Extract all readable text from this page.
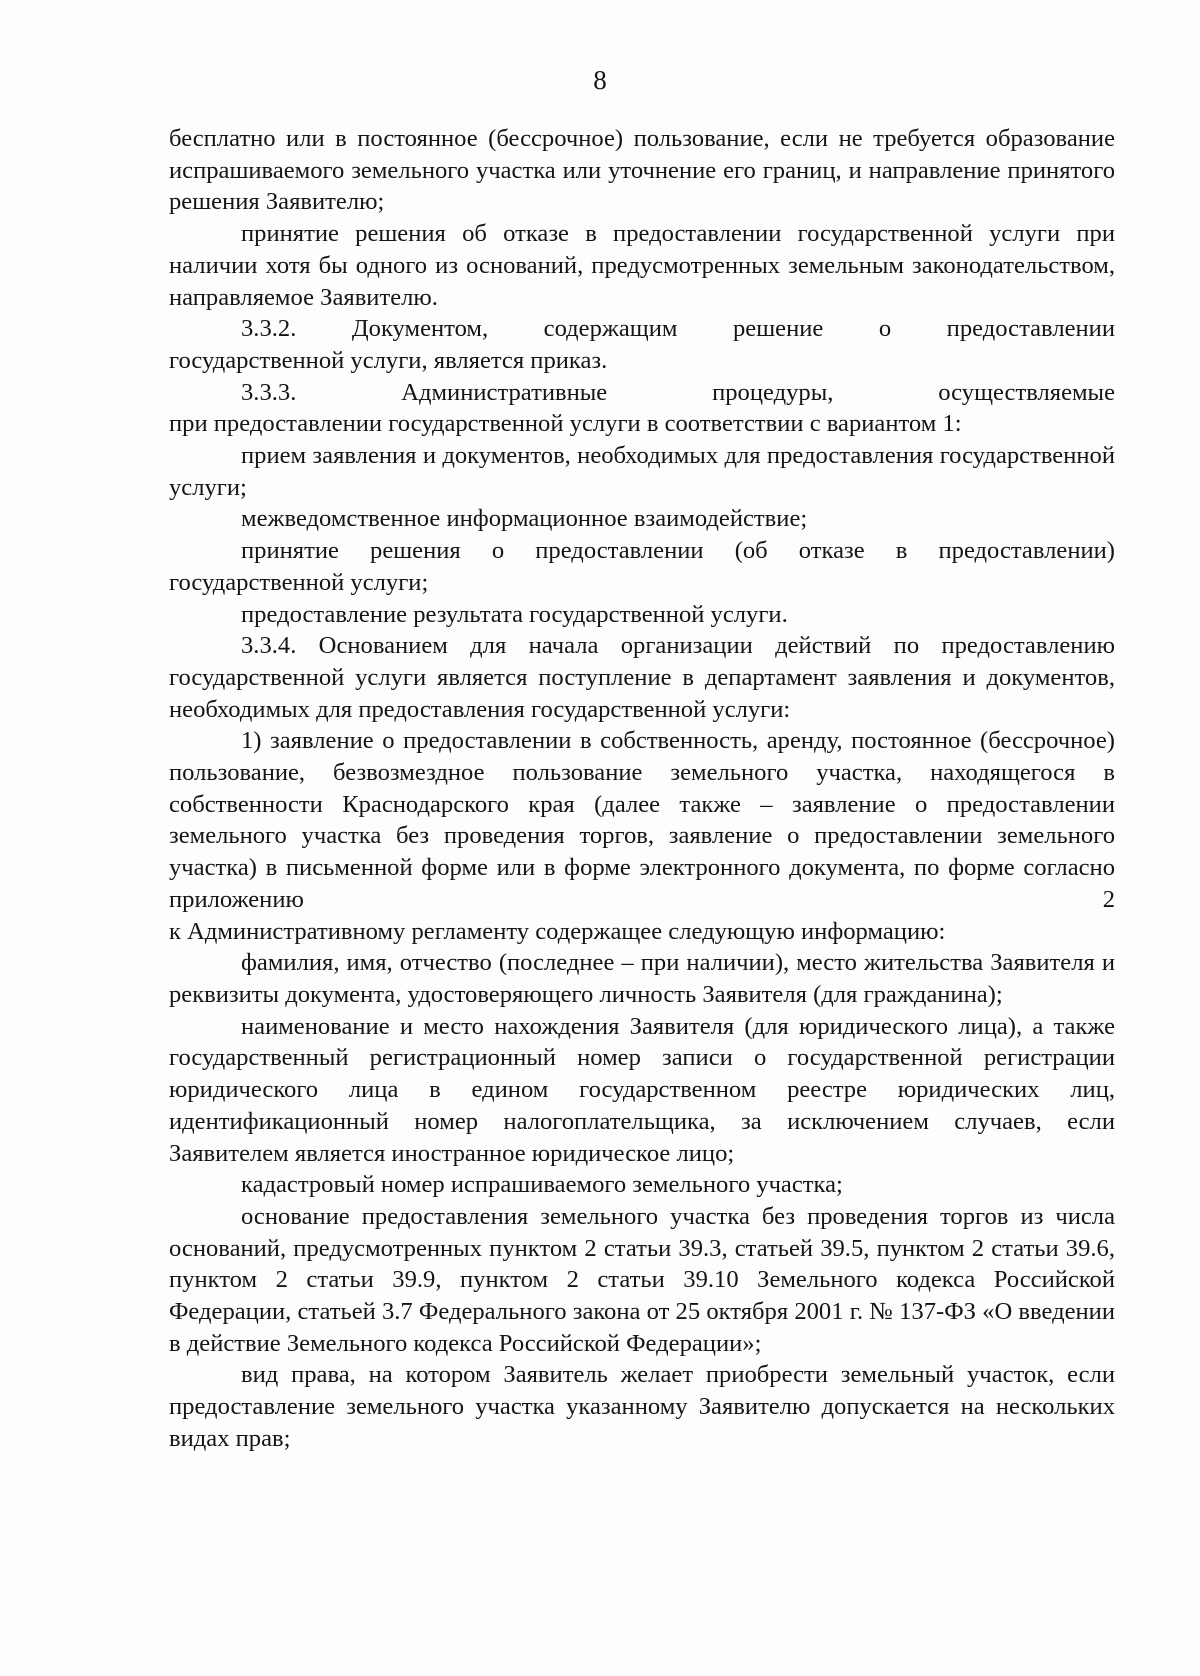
8

бесплатно или в постоянное (бессрочное) пользование, если не требуется образование испрашиваемого земельного участка или уточнение его границ, и направление принятого решения Заявителю;

принятие решения об отказе в предоставлении государственной услуги при наличии хотя бы одного из оснований, предусмотренных земельным законодательством, направляемое Заявителю.

3.3.2. Документом, содержащим решение о предоставлении

государственной услуги, является приказ.

3.3.3. Административные процедуры, осуществляемые

при предоставлении государственной услуги в соответствии с вариантом 1:

прием заявления и документов, необходимых для предоставления государственной услуги;

межведомственное информационное взаимодействие;

принятие решения о предоставлении (об отказе в предоставлении) государственной услуги;

предоставление результата государственной услуги.

3.3.4. Основанием для начала организации действий по предоставлению государственной услуги является поступление в департамент заявления и документов, необходимых для предоставления государственной услуги:

1) заявление о предоставлении в собственность, аренду, постоянное (бессрочное) пользование, безвозмездное пользование земельного участка, находящегося в собственности Краснодарского края (далее также – заявление о предоставлении земельного участка без проведения торгов, заявление о предоставлении земельного участка) в письменной форме или в форме электронного документа, по форме согласно приложению 2

к Административному регламенту содержащее следующую информацию:

фамилия, имя, отчество (последнее – при наличии), место жительства Заявителя и реквизиты документа, удостоверяющего личность Заявителя (для гражданина);

наименование и место нахождения Заявителя (для юридического лица), а также государственный регистрационный номер записи о государственной регистрации юридического лица в едином государственном реестре юридических лиц, идентификационный номер налогоплательщика, за исключением случаев, если Заявителем является иностранное юридическое лицо;

кадастровый номер испрашиваемого земельного участка;

основание предоставления земельного участка без проведения торгов из числа оснований, предусмотренных пунктом 2 статьи 39.3, статьей 39.5, пунктом 2 статьи 39.6, пунктом 2 статьи 39.9, пунктом 2 статьи 39.10 Земельного кодекса Российской Федерации, статьей 3.7 Федерального закона от 25 октября 2001 г. № 137-ФЗ «О введении в действие Земельного кодекса Российской Федерации»;

вид права, на котором Заявитель желает приобрести земельный участок, если предоставление земельного участка указанному Заявителю допускается на нескольких видах прав;
